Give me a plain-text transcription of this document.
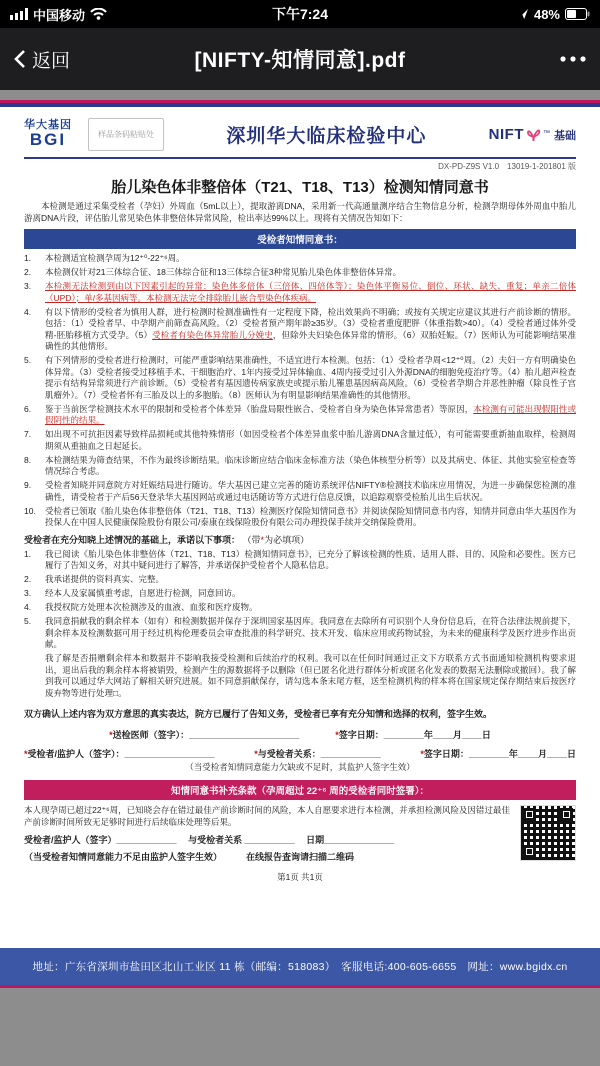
中国移动	下午7:24	48%
返回	[NIFTY-知情同意].pdf
华大基因
BGI	样品条码粘贴处	深圳华大临床检验中心	NIFT	™ 基础
DX-PD-Z9S V1.0　13019-1-201801 版
胎儿染色体非整倍体（T21、T18、T13）检测知情同意书
本检测是通过采集受检者（孕妇）外周血（5mL以上），提取游离DNA，采用新一代高通量测序结合生物信息分析，检测孕期母体外周血中胎儿游离DNA片段，评估胎儿常见染色体非整倍体异常风险，检出率达99%以上。现将有关情况告知如下：
受检者知情同意书：
1.	本检测适宜检测孕周为12⁺⁰-22⁺⁶周。
2.	本检测仅针对21三体综合征、18三体综合征和13三体综合征3种常见胎儿染色体非整倍体异常。
3.	本检测无法检测到由以下因素引起的异常：染色体多倍体（三倍体、四倍体等）；染色体平衡易位、倒位、环状、缺失、重复；单亲二倍体（UPD）；单/多基因病等。本检测无法完全排除胎儿嵌合型染色体疾病。
4.	有以下情形的受检者为慎用人群，进行检测时检测准确性有一定程度下降，检出效果尚不明确；或按有关规定应建议其进行产前诊断的情形。包括：（1）受检者早、中孕期产前筛查高风险。（2）受检者预产期年龄≥35岁。（3）受检者重度肥胖（体重指数>40）。（4）受检者通过体外受精-胚胎移植方式受孕。（5）受检者有染色体异常胎儿分娩史，但除外夫妇染色体异常的情形。（6）双胎妊娠。（7）医师认为可能影响结果准确性的其他情形。
5.	有下列情形的受检者进行检测时，可能严重影响结果准确性，不适宜进行本检测。包括：（1）受检者孕周<12⁺⁰周。（2）夫妇一方有明确染色体异常。（3）受检者接受过移植手术、干细胞治疗、1年内接受过异体输血、4周内接受过引入外源DNA的细胞免疫治疗等。（4）胎儿超声检查提示有结构异常须进行产前诊断。（5）受检者有基因遗传病家族史或提示胎儿罹患基因病高风险。（6）受检者孕期合并恶性肿瘤（除良性子宫肌瘤外）。（7）受检者怀有三胎及以上的多胞胎。（8）医师认为有明显影响结果准确性的其他情形。
6.	鉴于当前医学检测技术水平的限制和受检者个体差异（胎盘局限性嵌合、受检者自身为染色体异常患者）等原因，本检测有可能出现假阳性或假阴性的结果。
7.	如出现不可抗拒因素导致样品损耗或其他特殊情形（如因受检者个体差异血浆中胎儿游离DNA含量过低），有可能需要重新抽血取样，检测周期须从重抽血之日起延长。
8.	本检测结果为筛查结果，不作为最终诊断结果。临床诊断应结合临床金标准方法（染色体核型分析等）以及其病史、体征、其他实验室检查等情况综合考虑。
9.	受检者知晓并同意院方对妊娠结局进行随访。华大基因已建立完善的随访系统评估NIFTY®检测技术临床应用情况，为进一步确保您检测的准确性，请受检者于产后56天登录华大基因网站或通过电话随访等方式进行信息反馈，以追踪观察受检胎儿出生后状况。
10.	受检者已领取《胎儿染色体非整倍体（T21、T18、T13）检测医疗保险知情同意书》并阅读保险知情同意书内容，知情并同意由华大基因作为投保人在中国人民健康保险股份有限公司/泰康在线保险股份有限公司办理投保手续并交纳保险费用。
受检者在充分知晓上述情况的基础上，承诺以下事项： （带*为必填项）
1.	我已阅读《胎儿染色体非整倍体（T21、T18、T13）检测知情同意书》，已充分了解该检测的性质、适用人群、目的、风险和必要性。医方已履行了告知义务，对其中疑问进行了解答，并承诺保护受检者个人隐私信息。
2.	我承诺提供的资料真实、完整。
3.	经本人及家属慎重考虑，自愿进行检测，同意回访。
4.	我授权院方处理本次检测涉及的血液、血浆和医疗废物。
5.	我同意捐献我的剩余样本（如有）和检测数据并保存于深圳国家基因库。我同意在去除所有可识别个人身份信息后，在符合法律法规前提下，剩余样本及检测数据可用于经过机构伦理委员会审查批准的科学研究、技术开发、临床应用或药物试验，为未来的健康科学及医疗进步作出贡献。
我了解是否捐赠剩余样本和数据并不影响我接受检测和后续治疗的权利。我可以在任何时间通过正文下方联系方式书面通知检测机构要求退出，退出后我的剩余样本将被销毁，检测产生的源数据将予以删除（但已匿名化进行群体分析或匿名化发表的数据无法删除或撤回）。我了解到我可以通过华大网站了解相关研究进展。如不同意捐献保存，请勾选本条末尾方框，送至检测机构的样本将在国家规定保存期结束后按医疗废弃物等进行处理□。
双方确认上述内容为双方意思的真实表达，院方已履行了告知义务，受检者已享有充分知情和选择的权利，签字生效。
*送检医师（签字）：______________________	*签字日期：________年____月____日
*受检者/监护人（签字）：__________________	*与受检者关系：____________	*签字日期：________年____月____日
（当受检者知情同意能力欠缺或不足时，其监护人签字生效）
知情同意书补充条款（孕周超过 22⁺⁶ 周的受检者同时签署）：
本人现孕周已超过22⁺⁶周，已知晓会存在错过最佳产前诊断时间的风险，本人自愿要求进行本检测，并承担检测风险及因错过最佳产前诊断时间所致无足够时间进行后续临床处理等后果。
受检者/监护人（签字）____________　 与受检者关系 __________ 　日期______________
（当受检者知情同意能力不足由监护人签字生效）	在线报告查询请扫描二维码
第1页 共1页
地址：广东省深圳市盐田区北山工业区 11 栋（邮编：518083）　客服电话:400-605-6655　网址：www.bgidx.cn
